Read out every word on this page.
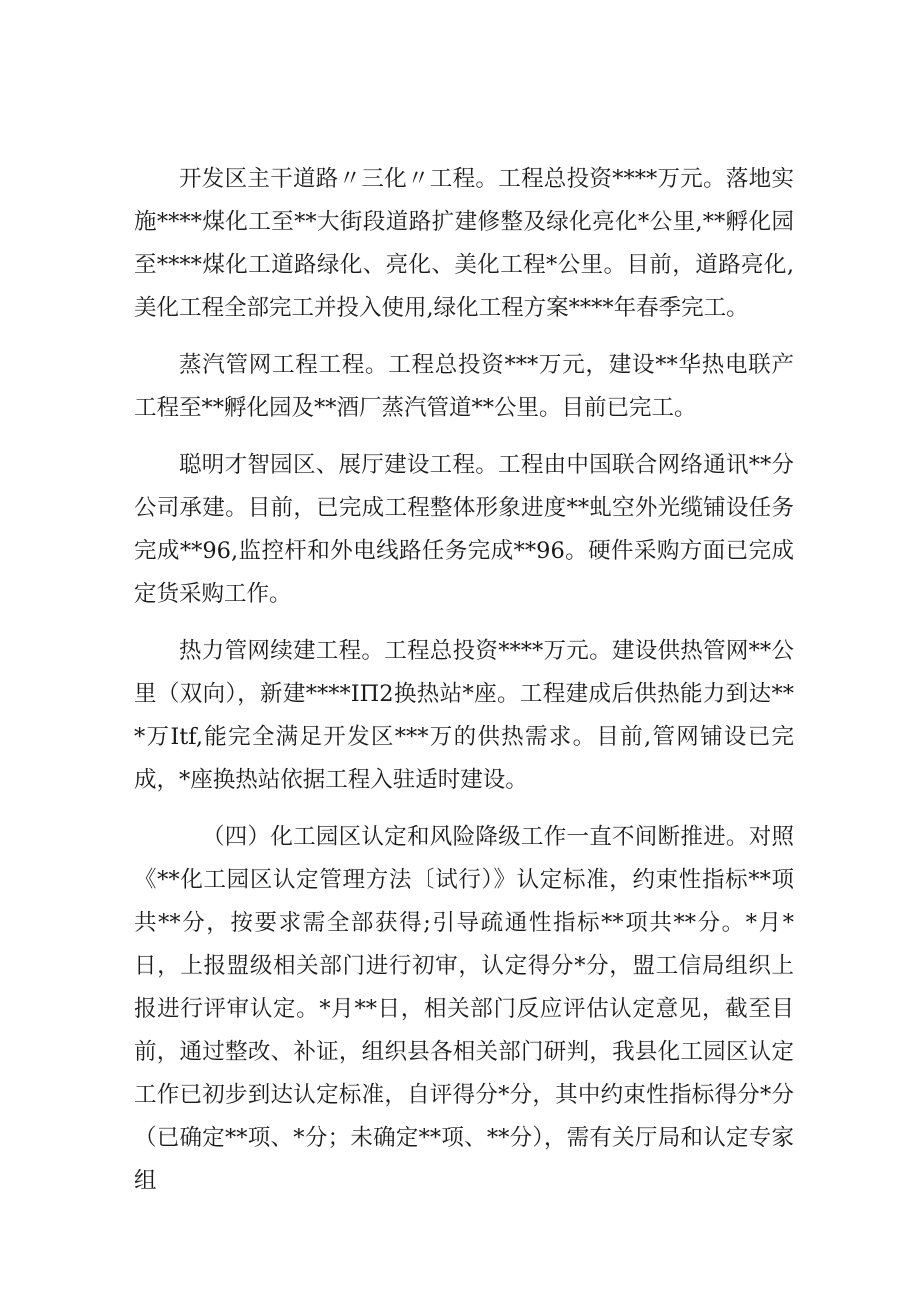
开发区主干道路〃三化〃工程。工程总投资****万元。落地实施****煤化工至**大街段道路扩建修整及绿化亮化*公里,**孵化园至****煤化工道路绿化、亮化、美化工程*公里。目前，道路亮化,美化工程全部完工并投入使用,绿化工程方案****年春季完工。

蒸汽管网工程工程。工程总投资***万元，建设**华热电联产工程至**孵化园及**酒厂蒸汽管道**公里。目前已完工。

聪明才智园区、展厅建设工程。工程由中国联合网络通讯**分公司承建。目前，已完成工程整体形象进度**虬空外光缆铺设任务完成**96,监控杆和外电线路任务完成**96。硬件采购方面已完成定货采购工作。

热力管网续建工程。工程总投资****万元。建设供热管网**公里（双向），新建****IΠ2换热站*座。工程建成后供热能力到达***万Itf,能完全满足开发区***万的供热需求。目前,管网铺设已完成，*座换热站依据工程入驻适时建设。

（四）化工园区认定和风险降级工作一直不间断推进。对照《**化工园区认定管理方法〔试行）》认定标准，约束性指标**项共**分，按要求需全部获得;引导疏通性指标**项共**分。*月*日，上报盟级相关部门进行初审，认定得分*分，盟工信局组织上报进行评审认定。*月**日，相关部门反应评估认定意见，截至目前，通过整改、补证，组织县各相关部门研判，我县化工园区认定工作已初步到达认定标准，自评得分*分，其中约束性指标得分*分（已确定**项、*分；未确定**项、**分），需有关厅局和认定专家组
